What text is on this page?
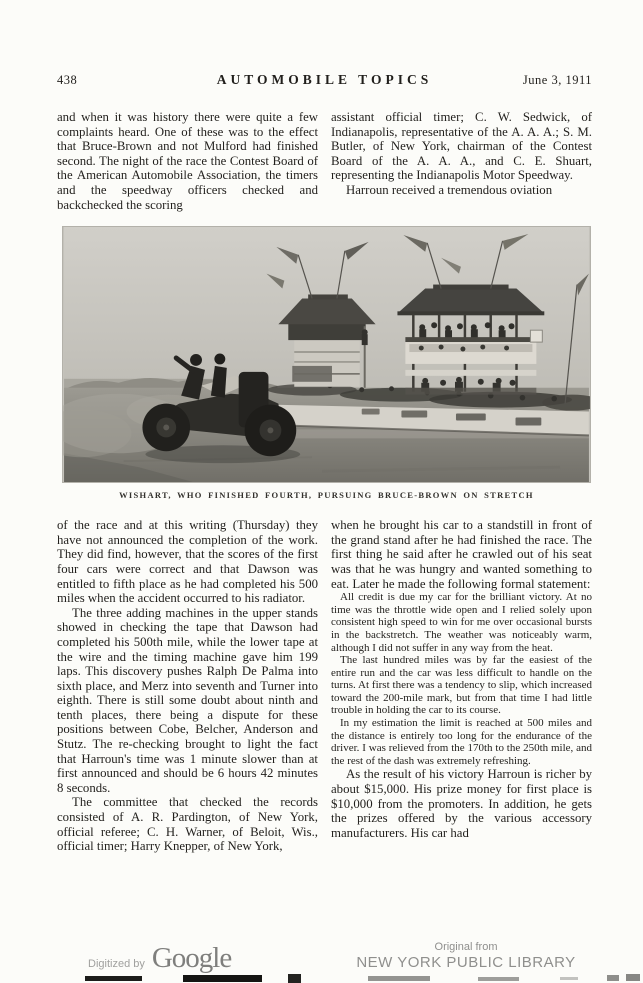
438	AUTOMOBILE TOPICS	June 3, 1911

and when it was history there were quite a few complaints heard. One of these was to the effect that Bruce-Brown and not Mulford had finished second. The night of the race the Contest Board of the American Automobile Association, the timers and the speedway officers checked and backchecked the scoring

assistant official timer; C. W. Sedwick, of Indianapolis, representative of the A. A. A.; S. M. Butler, of New York, chairman of the Contest Board of the A. A. A., and C. E. Shuart, representing the Indianapolis Motor Speedway.

Harroun received a tremendous oviation

WISHART, WHO FINISHED FOURTH, PURSUING BRUCE-BROWN ON STRETCH

of the race and at this writing (Thursday) they have not announced the completion of the work. They did find, however, that the scores of the first four cars were correct and that Dawson was entitled to fifth place as he had completed his 500 miles when the accident occurred to his radiator.

The three adding machines in the upper stands showed in checking the tape that Dawson had completed his 500th mile, while the lower tape at the wire and the timing machine gave him 199 laps. This discovery pushes Ralph De Palma into sixth place, and Merz into seventh and Turner into eighth. There is still some doubt about ninth and tenth places, there being a dispute for these positions between Cobe, Belcher, Anderson and Stutz. The re-checking brought to light the fact that Harroun's time was 1 minute slower than at first announced and should be 6 hours 42 minutes 8 seconds.

The committee that checked the records consisted of A. R. Pardington, of New York, official referee; C. H. Warner, of Beloit, Wis., official timer; Harry Knepper, of New York,

when he brought his car to a standstill in front of the grand stand after he had finished the race. The first thing he said after he crawled out of his seat was that he was hungry and wanted something to eat. Later he made the following formal statement:

All credit is due my car for the brilliant victory. At no time was the throttle wide open and I relied solely upon consistent high speed to win for me over occasional bursts in the backstretch. The weather was noticeably warm, although I did not suffer in any way from the heat.

The last hundred miles was by far the easiest of the entire run and the car was less difficult to handle on the turns. At first there was a tendency to slip, which increased toward the 200-mile mark, but from that time I had little trouble in holding the car to its course.

In my estimation the limit is reached at 500 miles and the distance is entirely too long for the endurance of the driver. I was relieved from the 170th to the 250th mile, and the rest of the dash was extremely refreshing.

As the result of his victory Harroun is richer by about $15,000. His prize money for first place is $10,000 from the promoters. In addition, he gets the prizes offered by the various accessory manufacturers. His car had

Digitized by Google	Original from
NEW YORK PUBLIC LIBRARY
